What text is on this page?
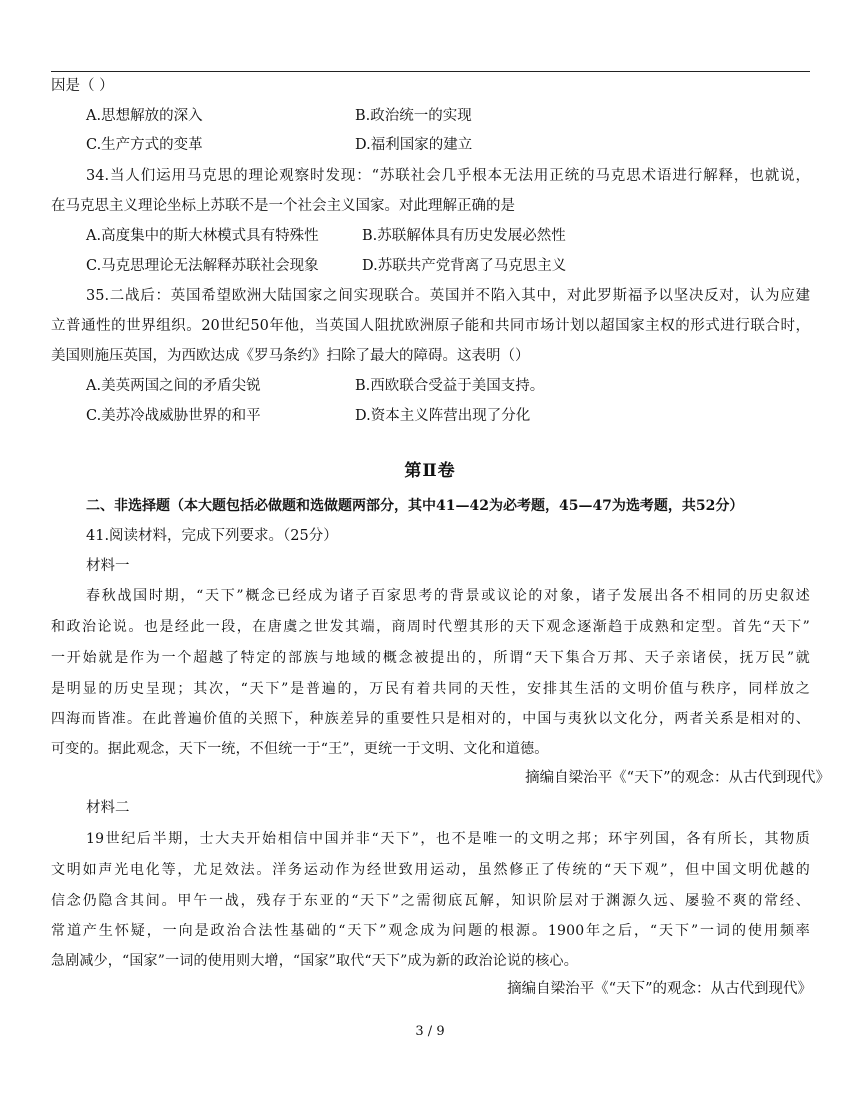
因是（ ）
A.思想解放的深入	B.政治统一的实现
C.生产方式的变革	D.福利国家的建立
34.当人们运用马克思的理论观察时发现：“苏联社会几乎根本无法用正统的马克思术语进行解释，也就说，
在马克思主义理论坐标上苏联不是一个社会主义国家。对此理解正确的是
A.高度集中的斯大林模式具有特殊性	B.苏联解体具有历史发展必然性
C.马克思理论无法解释苏联社会现象	D.苏联共产党背离了马克思主义
35.二战后：英国希望欧洲大陆国家之间实现联合。英国并不陷入其中，对此罗斯福予以坚决反对，认为应建
立普通性的世界组织。20世纪50年他，当英国人阻扰欧洲原子能和共同市场计划以超国家主权的形式进行联合时，
美国则施压英国，为西欧达成《罗马条约》扫除了最大的障碍。这表明（）
A.美英两国之间的矛盾尖锐	B.西欧联合受益于美国支持。
C.美苏冷战威胁世界的和平	D.资本主义阵营出现了分化
第Ⅱ卷
二、非选择题（本大题包括必做题和选做题两部分，其中41—42为必考题，45—47为选考题，共52分）
41.阅读材料，完成下列要求。（25分）
材料一
春秋战国时期，“天下”概念已经成为诸子百家思考的背景或议论的对象，诸子发展出各不相同的历史叙述
和政治论说。也是经此一段，在唐虞之世发其端，商周时代塑其形的天下观念逐渐趋于成熟和定型。首先“天下”
一开始就是作为一个超越了特定的部族与地域的概念被提出的，所谓“天下集合万邦、天子亲诸侯，抚万民”就
是明显的历史呈现；其次，“天下”是普遍的，万民有着共同的天性，安排其生活的文明价值与秩序，同样放之
四海而皆准。在此普遍价值的关照下，种族差异的重要性只是相对的，中国与夷狄以文化分，两者关系是相对的、
可变的。据此观念，天下一统，不但统一于“王”，更统一于文明、文化和道德。
摘编自梁治平《“天下”的观念：从古代到现代》
材料二
19世纪后半期，士大夫开始相信中国并非“天下”，也不是唯一的文明之邦；环宇列国，各有所长，其物质
文明如声光电化等，尤足效法。洋务运动作为经世致用运动，虽然修正了传统的“天下观”，但中国文明优越的
信念仍隐含其间。甲午一战，残存于东亚的“天下”之需彻底瓦解，知识阶层对于渊源久远、屡验不爽的常经、
常道产生怀疑，一向是政治合法性基础的“天下”观念成为问题的根源。1900年之后，“天下”一词的使用频率
急剧减少，“国家”一词的使用则大增，“国家”取代“天下”成为新的政治论说的核心。
摘编自梁治平《“天下”的观念：从古代到现代》
3 / 9
